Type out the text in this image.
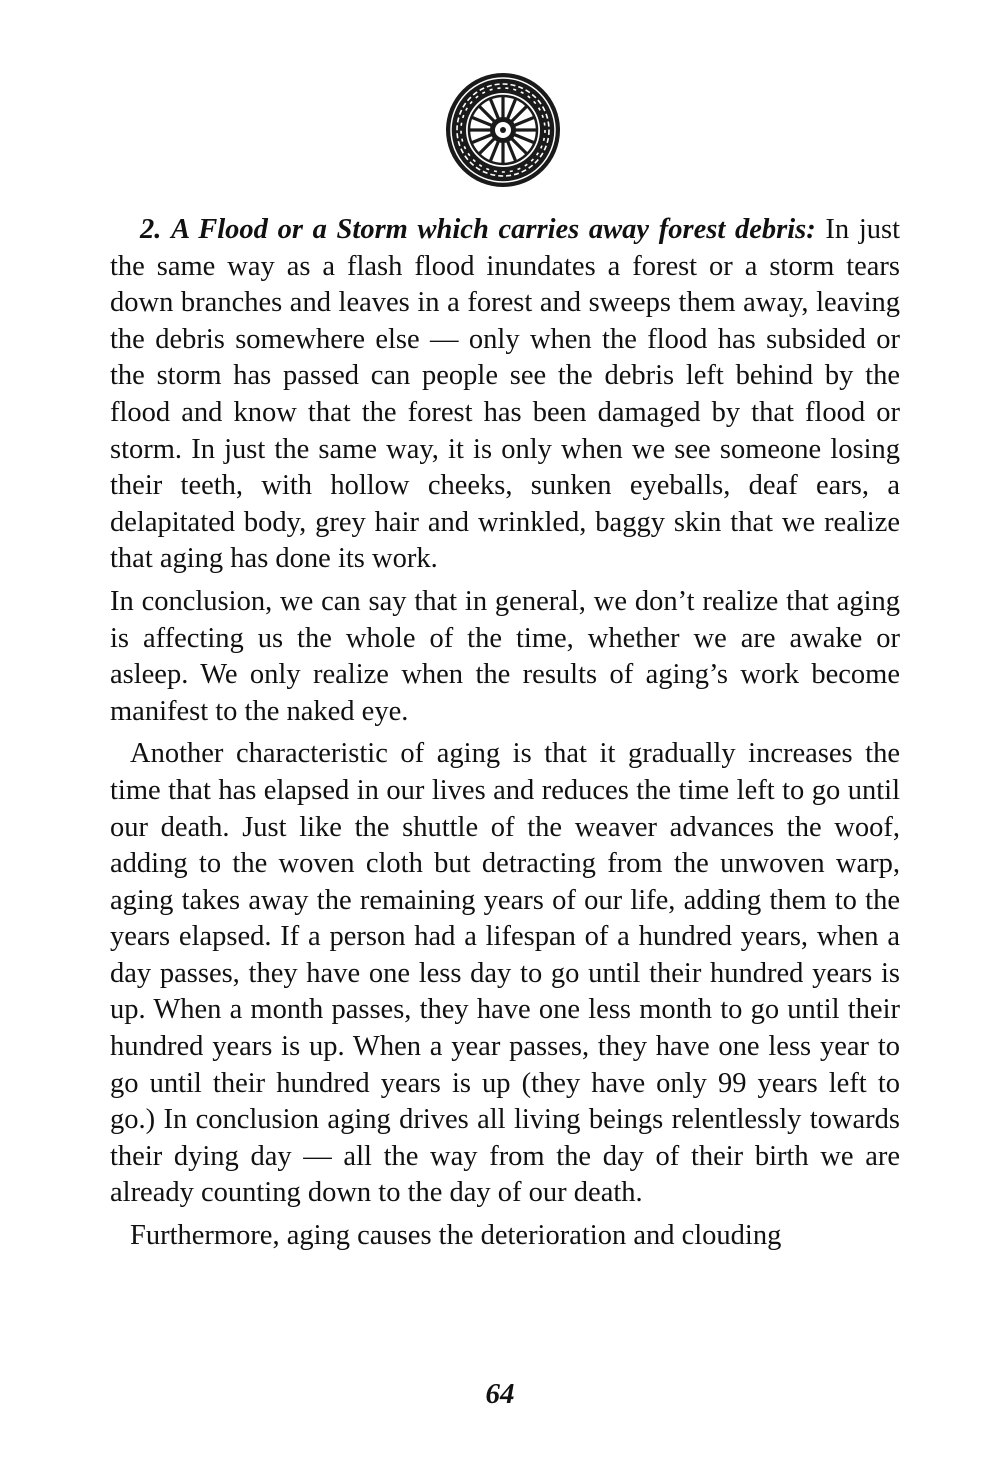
2. A Flood or a Storm which carries away forest debris: In just the same way as a flash flood inundates a forest or a storm tears down branches and leaves in a forest and sweeps them away, leaving the debris somewhere else — only when the flood has subsided or the storm has passed can people see the debris left behind by the flood and know that the forest has been damaged by that flood or storm. In just the same way, it is only when we see someone losing their teeth, with hollow cheeks, sunken eyeballs, deaf ears, a delapitated body, grey hair and wrinkled, baggy skin that we realize that aging has done its work.

In conclusion, we can say that in general, we don’t realize that aging is affecting us the whole of the time, whether we are awake or asleep. We only realize when the results of aging’s work become manifest to the naked eye.

Another characteristic of aging is that it gradually increases the time that has elapsed in our lives and reduces the time left to go until our death. Just like the shuttle of the weaver advances the woof, adding to the woven cloth but detracting from the unwoven warp, aging takes away the remaining years of our life, adding them to the years elapsed. If a person had a lifespan of a hundred years, when a day passes, they have one less day to go until their hundred years is up. When a month passes, they have one less month to go until their hundred years is up. When a year passes, they have one less year to go until their hundred years is up (they have only 99 years left to go.) In conclusion aging drives all living beings relentlessly towards their dying day — all the way from the day of their birth we are already counting down to the day of our death.

Furthermore, aging causes the deterioration and clouding

64
